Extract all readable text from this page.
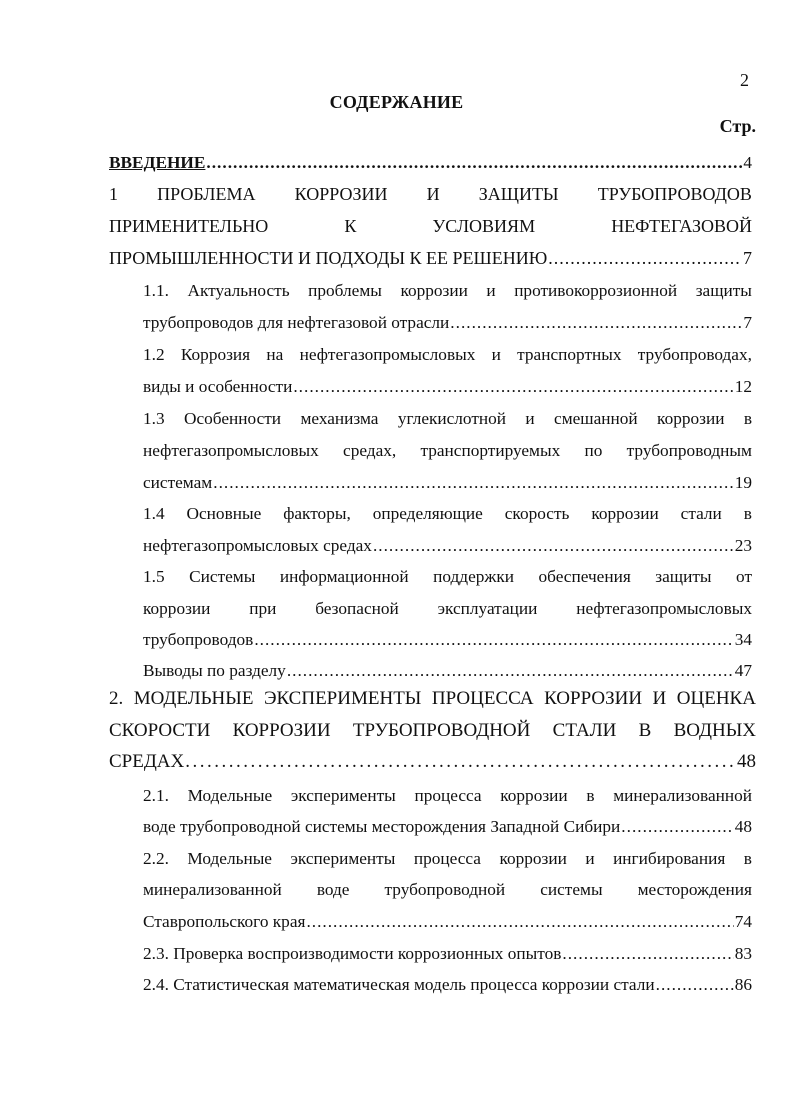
2
СОДЕРЖАНИЕ
Стр.
ВВЕДЕНИЕ .....	4
1 ПРОБЛЕМА КОРРОЗИИ И ЗАЩИТЫ ТРУБОПРОВОДОВ
ПРИМЕНИТЕЛЬНО	К	УСЛОВИЯМ	НЕФТЕГАЗОВОЙ
ПРОМЫШЛЕННОСТИ И ПОДХОДЫ К ЕЕ РЕШЕНИЮ .....	7
1.1. Актуальность проблемы коррозии и противокоррозионной защиты
трубопроводов для нефтегазовой отрасли .....	7
1.2 Коррозия на нефтегазопромысловых и транспортных трубопроводах,
виды и особенности .....	12
1.3 Особенности механизма углекислотной и смешанной коррозии в
нефтегазопромысловых средах, транспортируемых по трубопроводным
системам .....	19
1.4 Основные факторы, определяющие скорость коррозии стали в
нефтегазопромысловых средах .....	23
1.5 Системы информационной поддержки обеспечения защиты от
коррозии при безопасной эксплуатации нефтегазопромысловых
трубопроводов .....	34
Выводы по разделу .....	47
2. МОДЕЛЬНЫЕ ЭКСПЕРИМЕНТЫ ПРОЦЕССА КОРРОЗИИ И ОЦЕНКА
СКОРОСТИ КОРРОЗИИ ТРУБОПРОВОДНОЙ СТАЛИ В ВОДНЫХ
СРЕДАХ .....	48
2.1. Модельные эксперименты процесса коррозии в минерализованной
воде трубопроводной системы месторождения Западной Сибири .....	48
2.2. Модельные эксперименты процесса коррозии и ингибирования в
минерализованной воде трубопроводной системы месторождения
Ставропольского края .....	74
2.3. Проверка воспроизводимости коррозионных опытов .....	83
2.4. Статистическая математическая модель процесса коррозии стали .....	86
